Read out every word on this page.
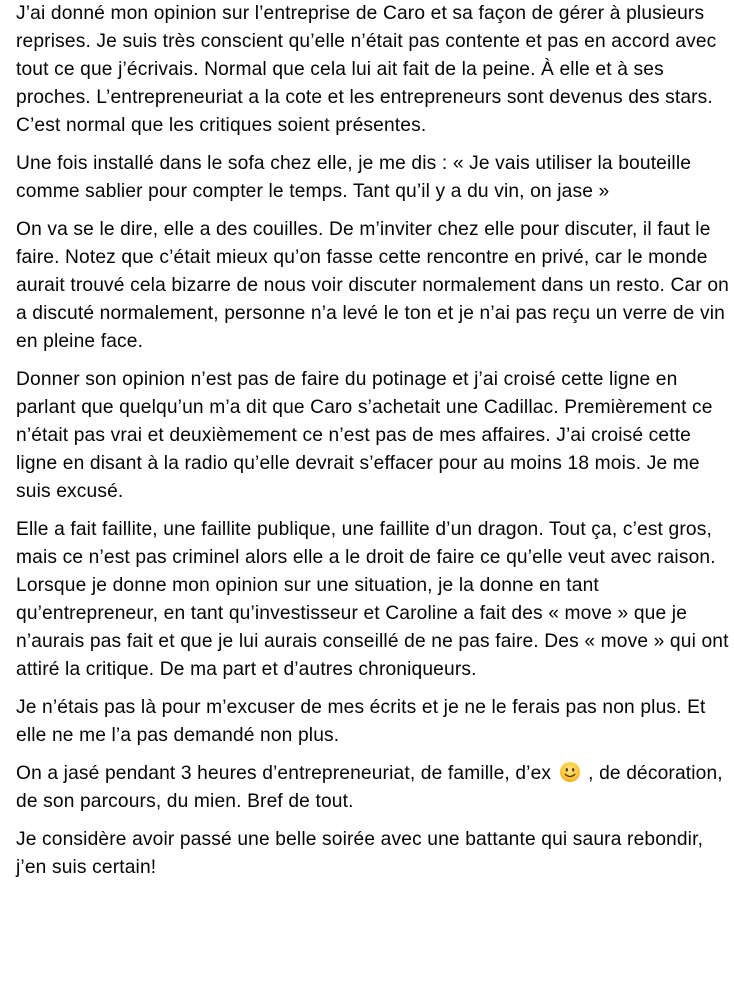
J’ai donné mon opinion sur l’entreprise de Caro et sa façon de gérer à plusieurs reprises. Je suis très conscient qu’elle n’était pas contente et pas en accord avec tout ce que j’écrivais. Normal que cela lui ait fait de la peine. À elle et à ses proches. L’entrepreneuriat a la cote et les entrepreneurs sont devenus des stars. C’est normal que les critiques soient présentes.

Une fois installé dans le sofa chez elle, je me dis : « Je vais utiliser la bouteille comme sablier pour compter le temps. Tant qu’il y a du vin, on jase »

On va se le dire, elle a des couilles. De m’inviter chez elle pour discuter, il faut le faire. Notez que c’était mieux qu’on fasse cette rencontre en privé, car le monde aurait trouvé cela bizarre de nous voir discuter normalement dans un resto. Car on a discuté normalement, personne n’a levé le ton et je n’ai pas reçu un verre de vin en pleine face.

Donner son opinion n’est pas de faire du potinage et j’ai croisé cette ligne en parlant que quelqu’un m’a dit que Caro s’achetait une Cadillac. Premièrement ce n’était pas vrai et deuxièmement ce n’est pas de mes affaires. J’ai croisé cette ligne en disant à la radio qu’elle devrait s’effacer pour au moins 18 mois. Je me suis excusé.

Elle a fait faillite, une faillite publique, une faillite d’un dragon. Tout ça, c’est gros, mais ce n’est pas criminel alors elle a le droit de faire ce qu’elle veut avec raison. Lorsque je donne mon opinion sur une situation, je la donne en tant qu’entrepreneur, en tant qu’investisseur et Caroline a fait des « move » que je n’aurais pas fait et que je lui aurais conseillé de ne pas faire. Des « move » qui ont attiré la critique. De ma part et d’autres chroniqueurs.

Je n’étais pas là pour m’excuser de mes écrits et je ne le ferais pas non plus. Et elle ne me l’a pas demandé non plus.

On a jasé pendant 3 heures d’entrepreneuriat, de famille, d’ex  , de décoration, de son parcours, du mien. Bref de tout.

Je considère avoir passé une belle soirée avec une battante qui saura rebondir, j’en suis certain!
